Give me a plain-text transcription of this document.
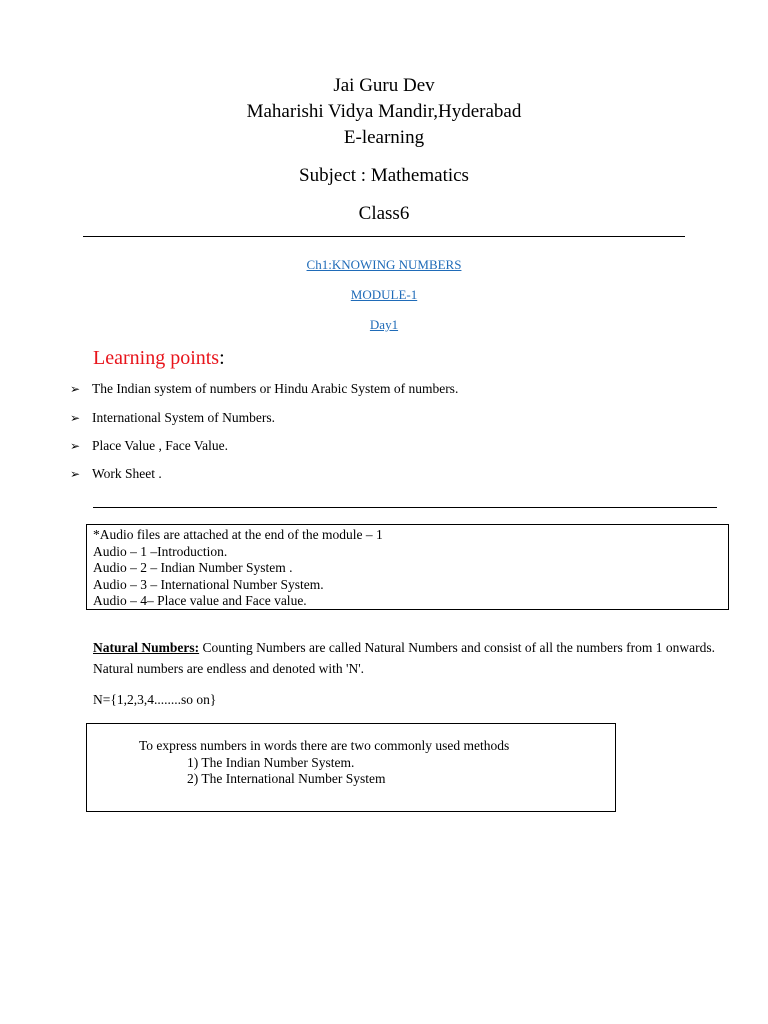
Jai Guru Dev
Maharishi Vidya Mandir,Hyderabad
E-learning
Subject : Mathematics
Class6
Ch1:KNOWING NUMBERS
MODULE-1
Day1
Learning points:
➢ The Indian system of numbers or Hindu Arabic System of numbers.
➢ International System of Numbers.
➢ Place Value , Face Value.
➢ Work Sheet .
*Audio files are attached at the end of the module – 1
Audio – 1 –Introduction.
Audio – 2 – Indian Number System .
Audio – 3 – International Number System.
Audio – 4– Place value and Face value.
Natural Numbers: Counting Numbers are called Natural Numbers and consist of all the numbers from 1 onwards. Natural numbers are endless and denoted with 'N'.
N={1,2,3,4........so on}
To express numbers in words there are two commonly used methods
1) The Indian Number System.
2) The International Number System
